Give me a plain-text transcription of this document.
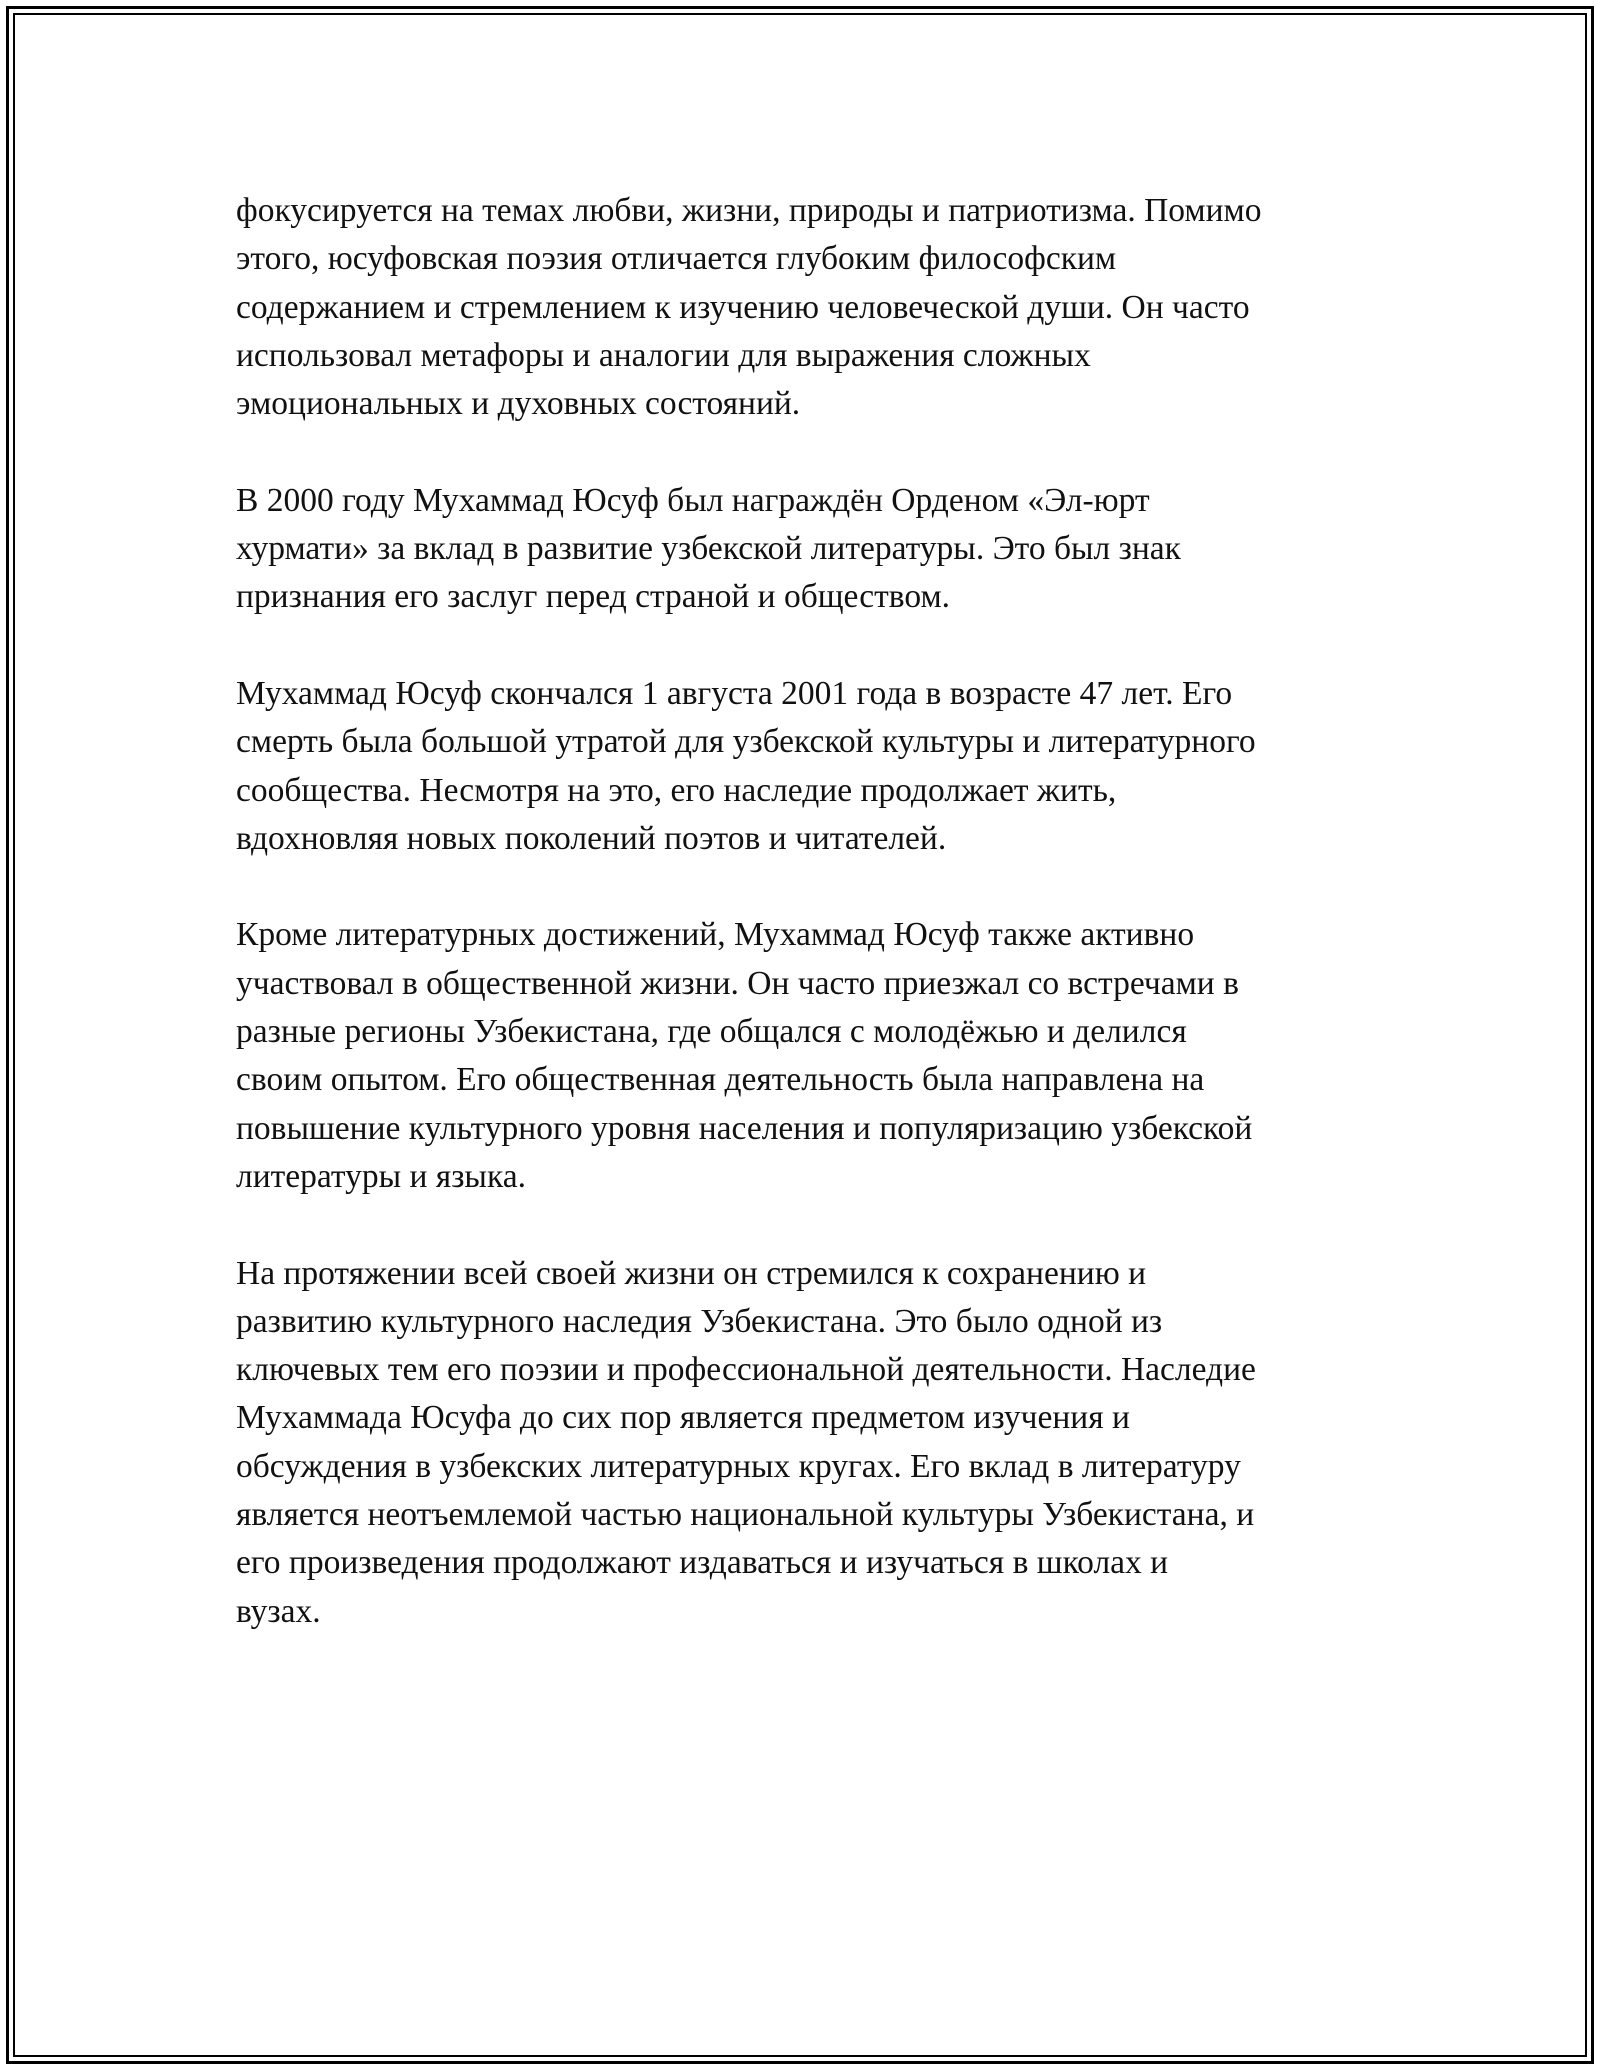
фокусируется на темах любви, жизни, природы и патриотизма. Помимо
этого, юсуфовская поэзия отличается глубоким философским
содержанием и стремлением к изучению человеческой души. Он часто
использовал метафоры и аналогии для выражения сложных
эмоциональных и духовных состояний.

В 2000 году Мухаммад Юсуф был награждён Орденом «Эл-юрт
хурмати» за вклад в развитие узбекской литературы. Это был знак
признания его заслуг перед страной и обществом.

Мухаммад Юсуф скончался 1 августа 2001 года в возрасте 47 лет. Его
смерть была большой утратой для узбекской культуры и литературного
сообщества. Несмотря на это, его наследие продолжает жить,
вдохновляя новых поколений поэтов и читателей.

Кроме литературных достижений, Мухаммад Юсуф также активно
участвовал в общественной жизни. Он часто приезжал со встречами в
разные регионы Узбекистана, где общался с молодёжью и делился
своим опытом. Его общественная деятельность была направлена на
повышение культурного уровня населения и популяризацию узбекской
литературы и языка.

На протяжении всей своей жизни он стремился к сохранению и
развитию культурного наследия Узбекистана. Это было одной из
ключевых тем его поэзии и профессиональной деятельности. Наследие
Мухаммада Юсуфа до сих пор является предметом изучения и
обсуждения в узбекских литературных кругах. Его вклад в литературу
является неотъемлемой частью национальной культуры Узбекистана, и
его произведения продолжают издаваться и изучаться в школах и
вузах.
